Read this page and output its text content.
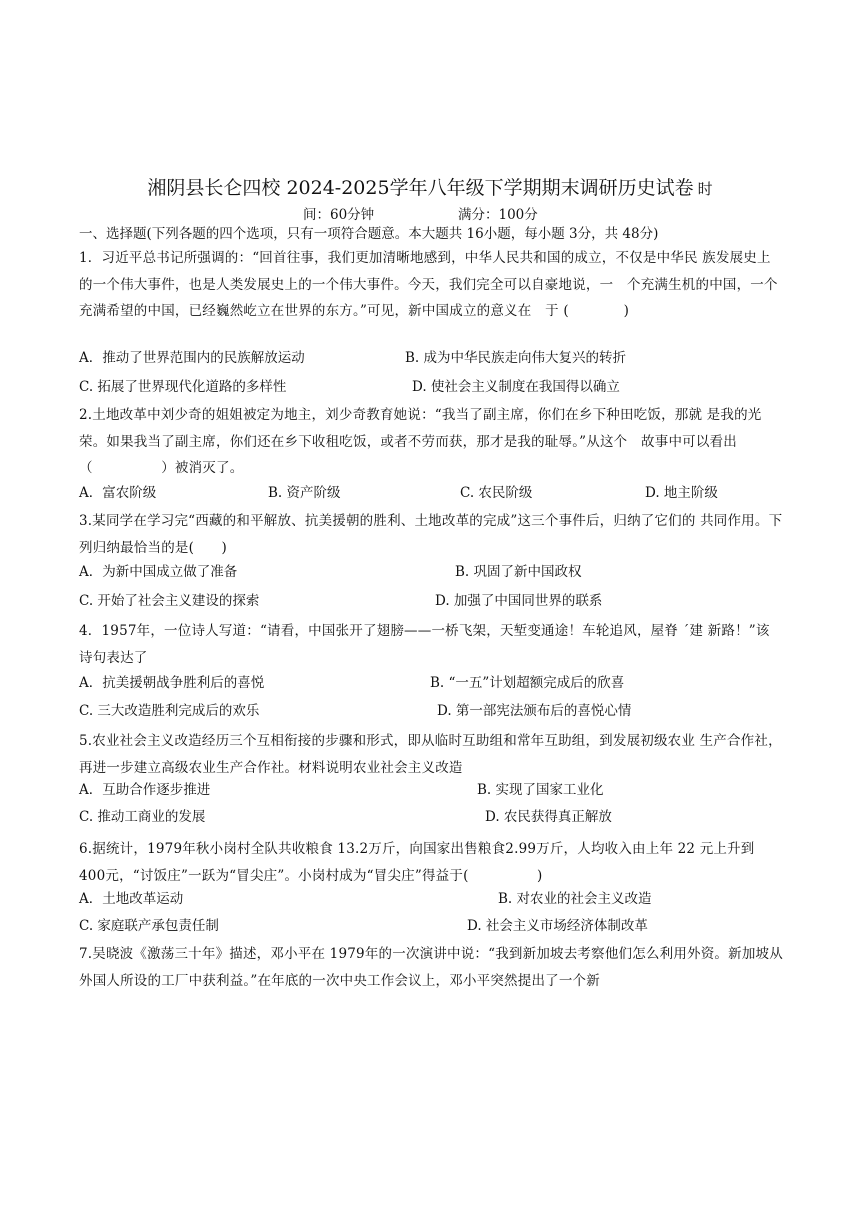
湘阴县长仑四校 2024-2025学年八年级下学期期末调研历史试卷 时
间：60分钟	满分：100分
一、选择题(下列各题的四个选项，只有一项符合题意。本大题共 16小题，每小题 3分，共 48分)
1．习近平总书记所强调的：“回首往事，我们更加清晰地感到，中华人民共和国的成立，不仅是中华民 族发展史上的一个伟大事件，也是人类发展史上的一个伟大事件。今天，我们完全可以自豪地说，一　个充满生机的中国，一个充满希望的中国，已经巍然屹立在世界的东方。”可见，新中国成立的意义在　于 (　　　　)
A．推动了世界范围内的民族解放运动	B. 成为中华民族走向伟大复兴的转折
C. 拓展了世界现代化道路的多样性	D. 使社会主义制度在我国得以确立
2.土地改革中刘少奇的姐姐被定为地主，刘少奇教育她说：“我当了副主席，你们在乡下种田吃饭，那就 是我的光荣。如果我当了副主席，你们还在乡下收租吃饭，或者不劳而获，那才是我的耻辱。”从这个　故事中可以看出（　　　　　）被消灭了。
A．富农阶级	B. 资产阶级	C. 农民阶级	D. 地主阶级
3.某同学在学习完“西藏的和平解放、抗美援朝的胜利、土地改革的完成”这三个事件后，归纳了它们的 共同作用。下列归纳最恰当的是(　　)
A．为新中国成立做了准备	B. 巩固了新中国政权
C. 开始了社会主义建设的探索	D. 加强了中国同世界的联系
4．1957年，一位诗人写道：“请看，中国张开了翅膀——一桥飞架，天堑变通途！车轮追风，屋脊 ˊ建 新路！”该诗句表达了
A．抗美援朝战争胜利后的喜悦	B. “一五”计划超额完成后的欣喜
C. 三大改造胜利完成后的欢乐	D. 第一部宪法颁布后的喜悦心情
5.农业社会主义改造经历三个互相衔接的步骤和形式，即从临时互助组和常年互助组，到发展初级农业 生产合作社，再进一步建立高级农业生产合作社。材料说明农业社会主义改造
A．互助合作逐步推进	B. 实现了国家工业化
C. 推动工商业的发展	D. 农民获得真正解放
6.据统计，1979年秋小岗村全队共收粮食 13.2万斤，向国家出售粮食2.99万斤，人均收入由上年 22 元上升到 400元，“讨饭庄”一跃为“冒尖庄”。小岗村成为“冒尖庄”得益于(　　　　　)
A．土地改革运动	B. 对农业的社会主义改造
C. 家庭联产承包责任制	D. 社会主义市场经济体制改革
7.吴晓波《激荡三十年》描述，邓小平在 1979年的一次演讲中说：“我到新加坡去考察他们怎么利用外资。新加坡从外国人所设的工厂中获利益。”在年底的一次中央工作会议上，邓小平突然提出了一个新
